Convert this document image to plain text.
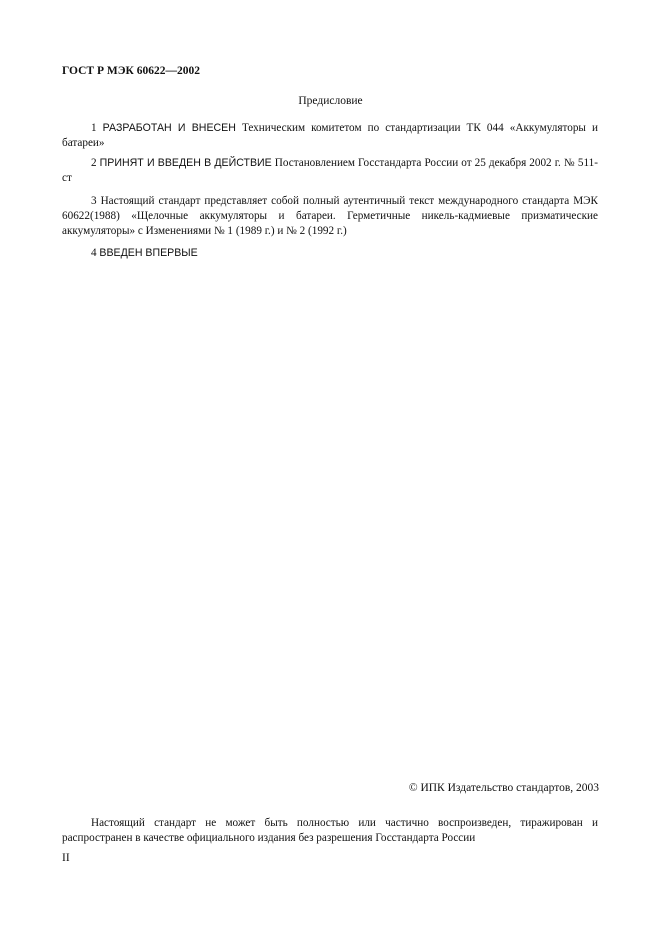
ГОСТ Р МЭК 60622—2002
Предисловие
1 РАЗРАБОТАН И ВНЕСЕН Техническим комитетом по стандартизации ТК 044 «Аккумуляторы и батареи»
2 ПРИНЯТ И ВВЕДЕН В ДЕЙСТВИЕ Постановлением Госстандарта России от 25 декабря 2002 г. № 511-ст
3 Настоящий стандарт представляет собой полный аутентичный текст международного стандарта МЭК 60622(1988) «Щелочные аккумуляторы и батареи. Герметичные никель-кадмиевые призматические аккумуляторы» с Изменениями № 1 (1989 г.) и № 2 (1992 г.)
4 ВВЕДЕН ВПЕРВЫЕ
© ИПК Издательство стандартов, 2003
Настоящий стандарт не может быть полностью или частично воспроизведен, тиражирован и распространен в качестве официального издания без разрешения Госстандарта России
II
